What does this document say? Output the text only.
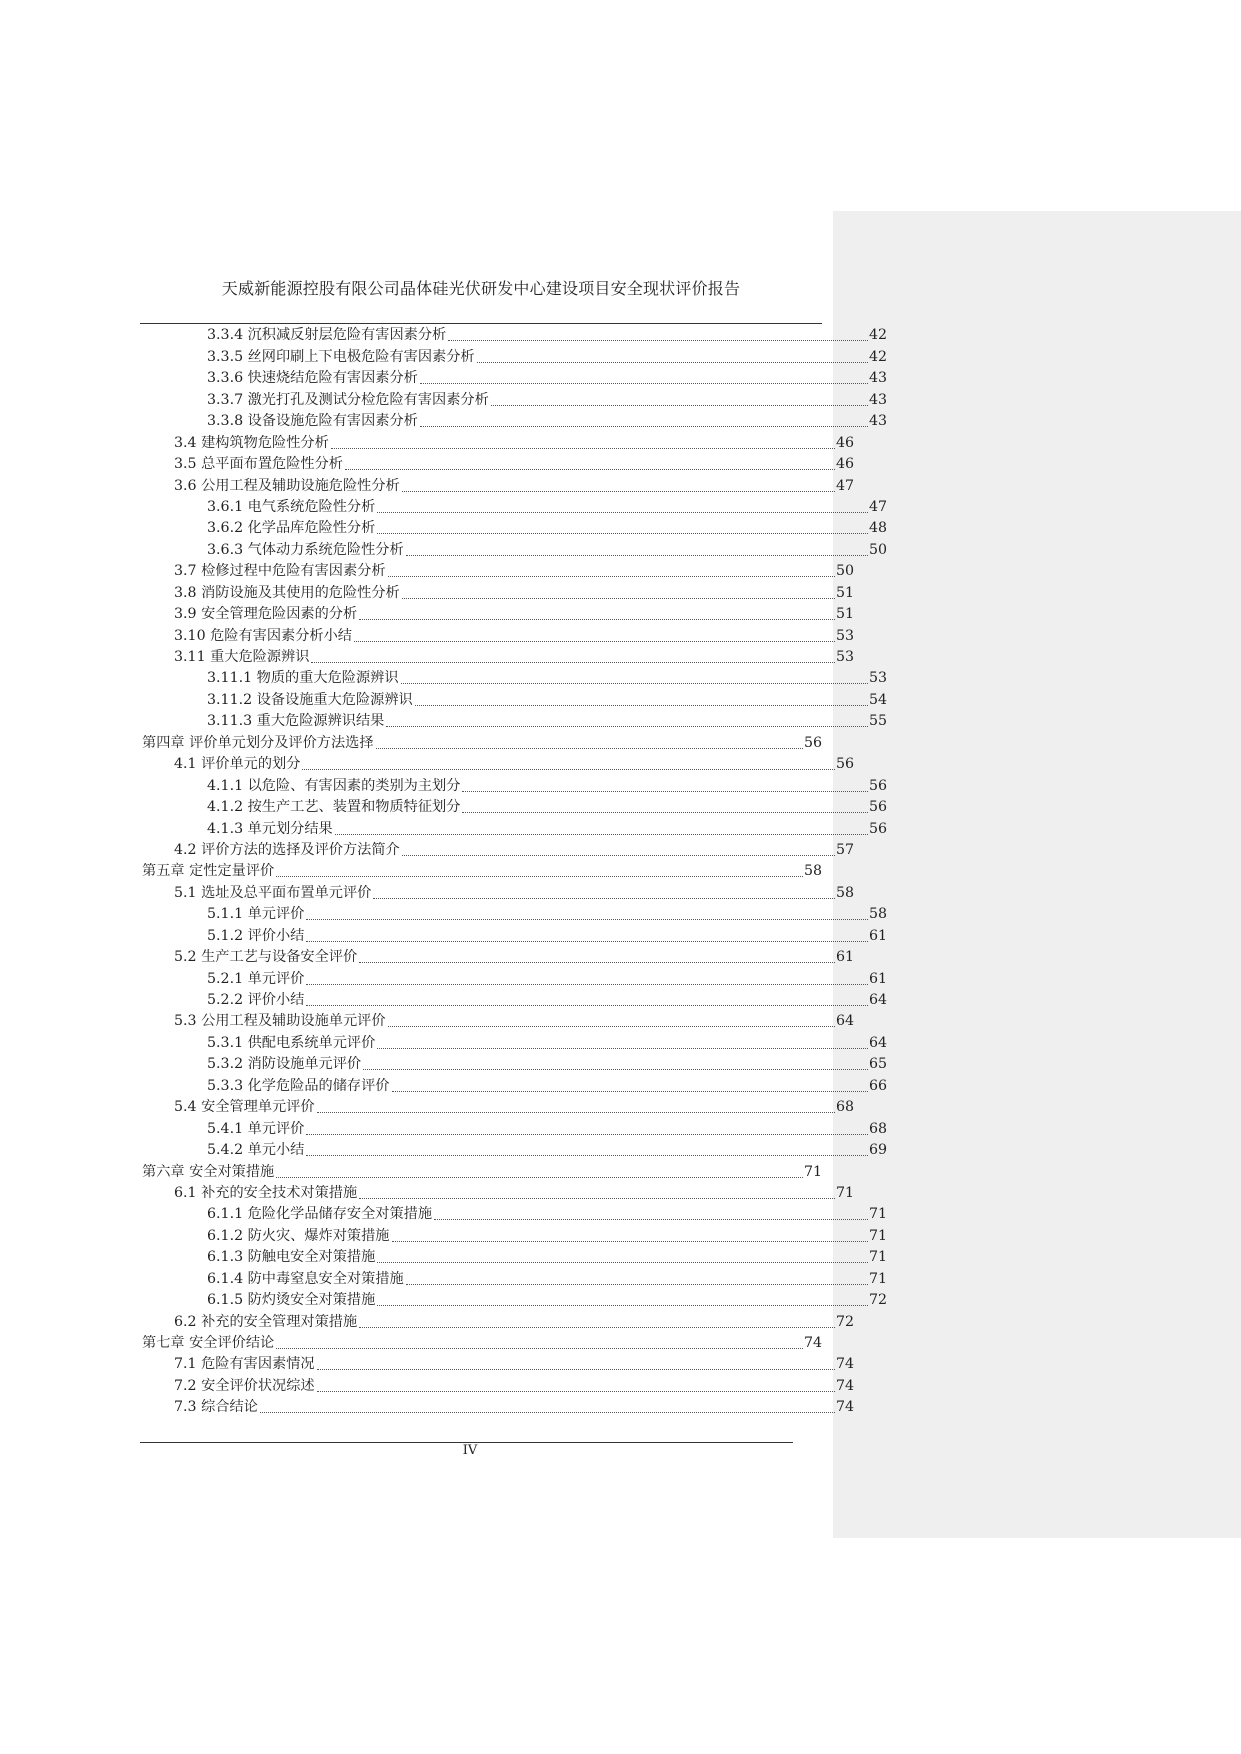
天威新能源控股有限公司晶体硅光伏研发中心建设项目安全现状评价报告
3.3.4 沉积减反射层危险有害因素分析	42
3.3.5 丝网印刷上下电极危险有害因素分析	42
3.3.6 快速烧结危险有害因素分析	43
3.3.7 激光打孔及测试分检危险有害因素分析	43
3.3.8 设备设施危险有害因素分析	43
3.4 建构筑物危险性分析	46
3.5 总平面布置危险性分析	46
3.6 公用工程及辅助设施危险性分析	47
3.6.1 电气系统危险性分析	47
3.6.2 化学品库危险性分析	48
3.6.3 气体动力系统危险性分析	50
3.7 检修过程中危险有害因素分析	50
3.8 消防设施及其使用的危险性分析	51
3.9 安全管理危险因素的分析	51
3.10 危险有害因素分析小结	53
3.11 重大危险源辨识	53
3.11.1 物质的重大危险源辨识	53
3.11.2 设备设施重大危险源辨识	54
3.11.3 重大危险源辨识结果	55
第四章 评价单元划分及评价方法选择	56
4.1 评价单元的划分	56
4.1.1 以危险、有害因素的类别为主划分	56
4.1.2 按生产工艺、装置和物质特征划分	56
4.1.3 单元划分结果	56
4.2 评价方法的选择及评价方法简介	57
第五章 定性定量评价	58
5.1 选址及总平面布置单元评价	58
5.1.1 单元评价	58
5.1.2 评价小结	61
5.2 生产工艺与设备安全评价	61
5.2.1 单元评价	61
5.2.2 评价小结	64
5.3 公用工程及辅助设施单元评价	64
5.3.1 供配电系统单元评价	64
5.3.2 消防设施单元评价	65
5.3.3 化学危险品的储存评价	66
5.4 安全管理单元评价	68
5.4.1 单元评价	68
5.4.2 单元小结	69
第六章 安全对策措施	71
6.1 补充的安全技术对策措施	71
6.1.1 危险化学品储存安全对策措施	71
6.1.2 防火灾、爆炸对策措施	71
6.1.3 防触电安全对策措施	71
6.1.4 防中毒窒息安全对策措施	71
6.1.5 防灼烫安全对策措施	72
6.2 补充的安全管理对策措施	72
第七章 安全评价结论	74
7.1 危险有害因素情况	74
7.2 安全评价状况综述	74
7.3 综合结论	74
IV
